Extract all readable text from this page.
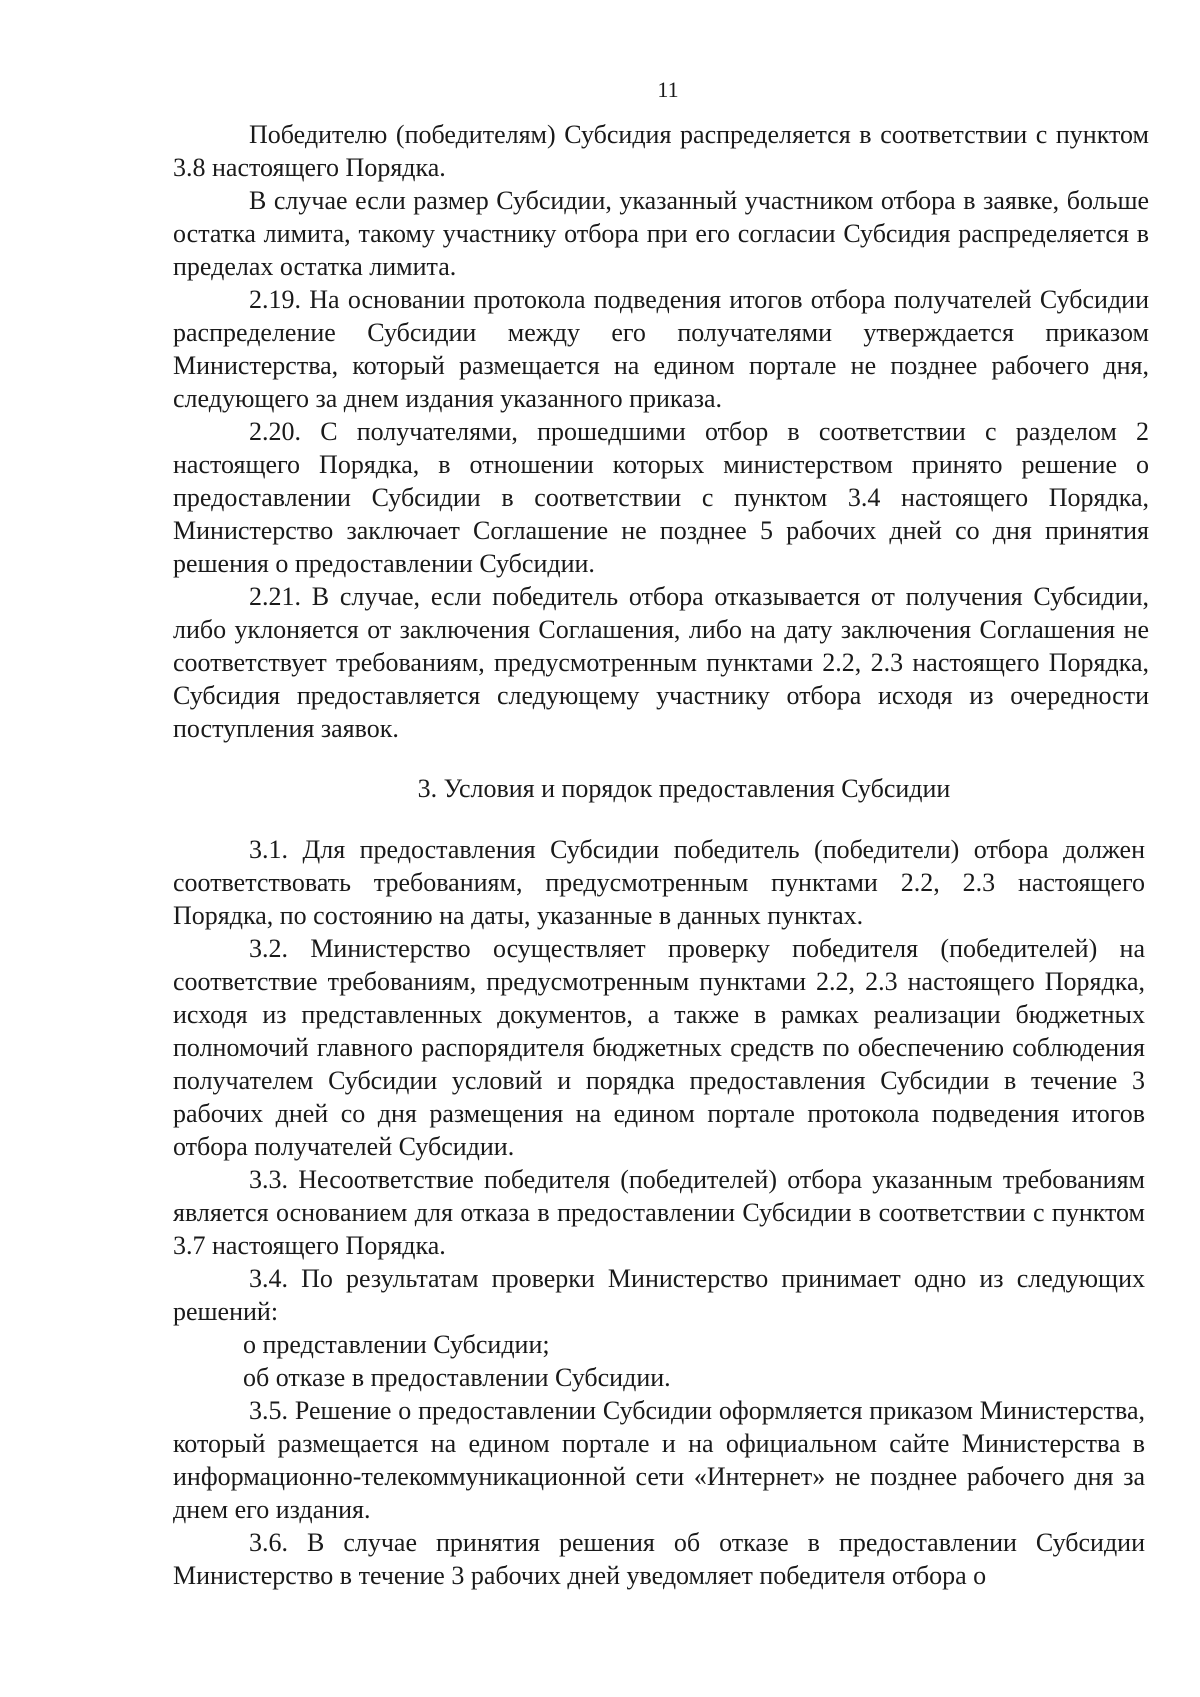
11

Победителю (победителям) Субсидия распределяется в соответствии с пунктом 3.8 настоящего Порядка.

В случае если размер Субсидии, указанный участником отбора в заявке, больше остатка лимита, такому участнику отбора при его согласии Субсидия распределяется в пределах остатка лимита.

2.19. На основании протокола подведения итогов отбора получателей Субсидии распределение Субсидии между его получателями утверждается приказом Министерства, который размещается на едином портале не позднее рабочего дня, следующего за днем издания указанного приказа.

2.20. С получателями, прошедшими отбор в соответствии с разделом 2 настоящего Порядка, в отношении которых министерством принято решение о предоставлении Субсидии в соответствии с пунктом 3.4 настоящего Порядка, Министерство заключает Соглашение не позднее 5 рабочих дней со дня принятия решения о предоставлении Субсидии.

2.21. В случае, если победитель отбора отказывается от получения Субсидии, либо уклоняется от заключения Соглашения, либо на дату заключения Соглашения не соответствует требованиям, предусмотренным пунктами 2.2, 2.3 настоящего Порядка, Субсидия предоставляется следующему участнику отбора исходя из очередности поступления заявок.

3. Условия и порядок предоставления Субсидии

3.1. Для предоставления Субсидии победитель (победители) отбора должен соответствовать требованиям, предусмотренным пунктами 2.2, 2.3 настоящего Порядка, по состоянию на даты, указанные в данных пунктах.

3.2. Министерство осуществляет проверку победителя (победителей) на соответствие требованиям, предусмотренным пунктами 2.2, 2.3 настоящего Порядка, исходя из представленных документов, а также в рамках реализации бюджетных полномочий главного распорядителя бюджетных средств по обеспечению соблюдения получателем Субсидии условий и порядка предоставления Субсидии в течение 3 рабочих дней со дня размещения на едином портале протокола подведения итогов отбора получателей Субсидии.

3.3. Несоответствие победителя (победителей) отбора указанным требованиям является основанием для отказа в предоставлении Субсидии в соответствии с пунктом 3.7 настоящего Порядка.

3.4. По результатам проверки Министерство принимает одно из следующих решений:

о представлении Субсидии;

об отказе в предоставлении Субсидии.

3.5. Решение о предоставлении Субсидии оформляется приказом Министерства, который размещается на едином портале и на официальном сайте Министерства в информационно-телекоммуникационной сети «Интернет» не позднее рабочего дня за днем его издания.

3.6. В случае принятия решения об отказе в предоставлении Субсидии Министерство в течение 3 рабочих дней уведомляет победителя отбора о
